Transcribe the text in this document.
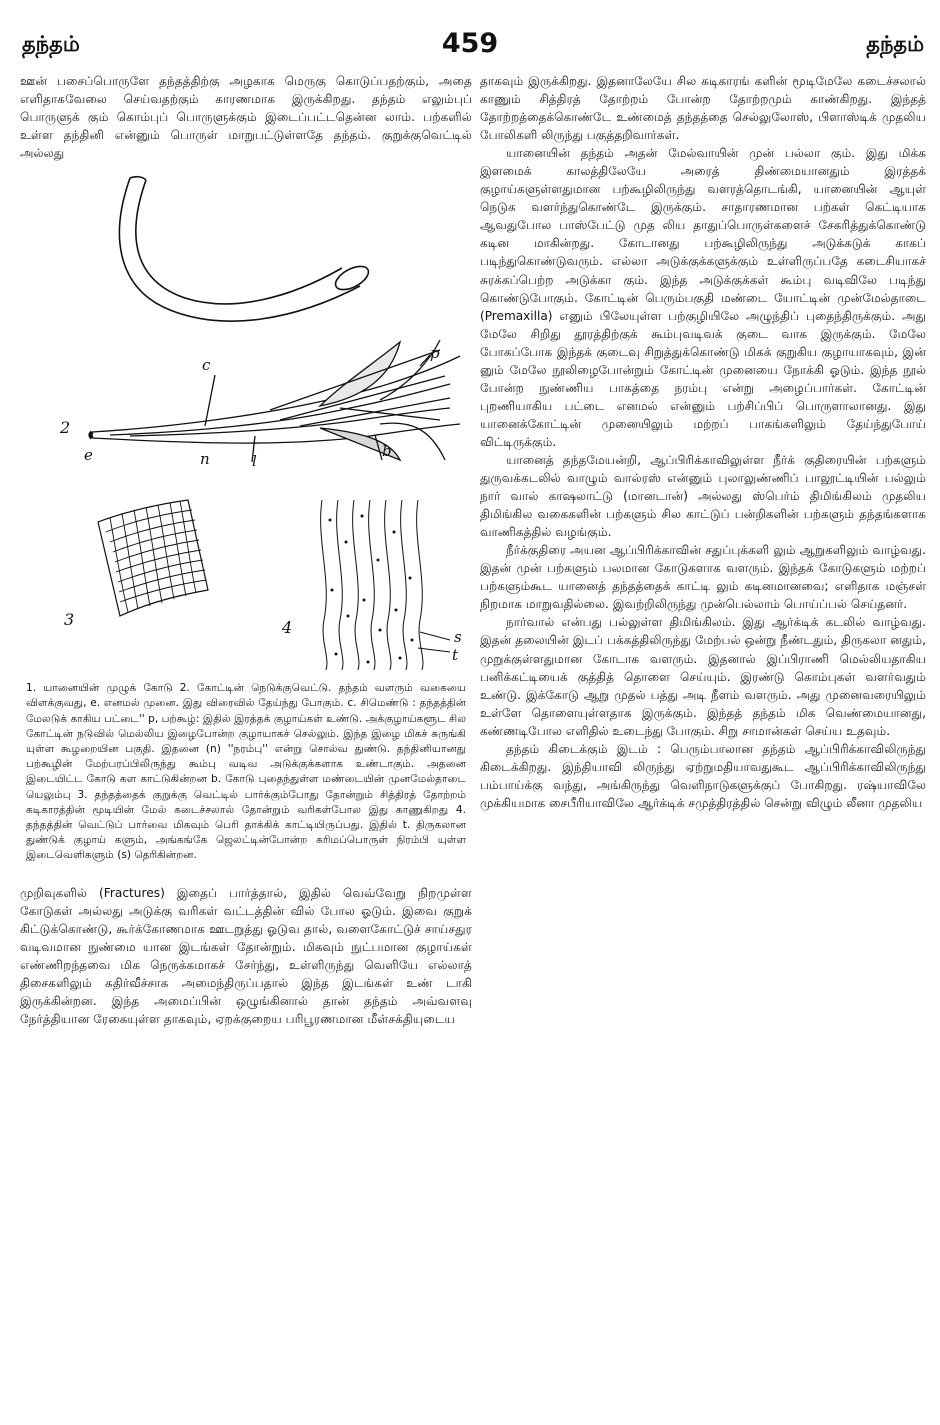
தந்தம்	459	தந்தம்

ஊன் பசைப்பொருளே தந்தத்திற்கு அழகாக மெருகு கொடுப்பதற்கும், அதை எளிதாகவேலை செய்வதற்கும் காரணமாக இருக்கிறது. தந்தம் எலும்புப் பொருளுக் கும் கொம்புப் பொருளுக்கும் இடைப்பட்டதென்ன லாம். பற்களில் உள்ள தந்தினி என்னும் பொருள் மாறுபட்டுள்ளதே தந்தம். குறுக்குவெட்டில் அல்லது

2
3	4
c
p
e	n	l
b
s
t

1. யானையின் முழுக் கோடு 2. கோட்டின் நெடுக்குவெட்டு. தந்தம் வளரும் வகையை விளக்குவது, e. எனமல் முனை. இது விரைவில் தேய்ந்து போகும். c. சிமெண்டு : தந்தத்தின் மேலடுக் காகிய பட்டை'' p, பற்கூழ்: இதில் இரத்தக் குழாய்கள் உண்டு. அக்குழாய்களூட சில கோட்டின் நடுவில் மெல்லிய இழைபோன்ற குழாயாகச் செல்லும். இந்த இழை மிகச் சுருங்கி யுள்ள கூழறையின பகுதி. இதனை (n) ''நரம்பு'' என்று சொல்வ துண்டு. தந்தினியானது பற்கூழின் மேற்பரப்பிலிருந்து கூம்பு வடிவ அடுக்குக்களாக உண்டாகும். அதனை இடையிட்ட கோடு கள காட்டுகின்றன b. கோடு புதைந்துள்ள மண்டையின் முனமேல்தாடை யெலும்பு 3. தந்தத்தைக் குறுக்கு வெட்டில் பார்க்கும்போது தோன்றும் சித்திரத் தோற்றம் கடிகாரத்தின் மூடியின் மேல் கடைச்சலால் தோன்றும் வரிகள்போல இது காணுகிறது 4. தந்தத்தின் வெட்டுப் பார்வை மிகவும் பெரி தாக்கிக் காட்டியிருப்பது. இதில் t. திருகலான துண்டுக் குழாய் களும், அங்கங்கே ஜெலட்டின்போன்ற கரிமப்பொருள் நிரம்பி யுள்ள இடைவெளிகளும் (s) தெரிகின்றன.

முறிவுகளில் (Fractures) இதைப் பார்த்தால், இதில் வெவ்வேறு நிறமுள்ள கோடுகள் அல்லது அடுக்கு வரிகள் வட்டத்தின் வில் போல ஓடும். இவை குறுக் கிட்டுக்கொண்டு, கூர்க்கோணமாக ஊடறுத்து ஓடுவ தால், வளைகோட்டுச் சாய்சதுர வடிவமான நுண்மை யான இடங்கள் தோன்றும். மிகவும் நுட்பமான குழாய்கள் எண்ணிறந்தவை மிக நெருக்கமாகச் சேர்ந்து, உள்ளிருந்து வெளியே எல்லாத் திசைகளிலும் கதிர்வீச்சாக அமைந்திருப்பதால் இந்த இடங்கள் உண் டாகி இருக்கின்றன. இந்த அமைப்பின் ஒழுங்கினால் தான் தந்தம் அவ்வளவு நேர்த்தியான ரேகையுள்ள தாகவும், ஏறக்குறைய பரிபூரணமான மீள்சக்தியுடைய

தாகவும் இருக்கிறது. இதனாலேயே சில கடிகாரங் களின் மூடிமேலே கடைச்சலால் காணும் சித்திரத் தோற்றம் போன்ற தோற்றமும் காண்கிறது. இந்தத் தோற்றத்தைக்கொண்டே உண்மைத் தந்தத்தை செல்லுலோஸ், பிளாஸ்டிக் முதலிய போலிகளி லிருந்து பகுத்தறிவார்கள்.

யானையின் தந்தம் அதன் மேல்வாயின் முன் பல்லா கும். இது மிக்க இளமைக் காலத்திலேயே அரைத் திண்மையானதும் இரத்தக் குழாய்களுள்ளதுமான பற்கூழிலிருந்து வளரத்தொடங்கி, யானையின் ஆயுள் நெடுக வளர்ந்துகொண்டே இருக்கும். சாதாரணமான பற்கள் கெட்டியாக ஆவதுபோல பாஸ்பேட்டு முத லிய தாதுப்பொருள்களைச் சேகரித்துக்கொண்டு கடின மாகின்றது. கோடானது பற்கூழிலிருந்து அடுக்கடுக் காகப் படிந்துகொண்டுவரும். எல்லா அடுக்குக்களுக்கும் உள்ளிருப்பதே கடைசியாகச் சுரக்கப்பெற்ற அடுக்கா கும். இந்த அடுக்குக்கள் கூம்பு வடிவிலே படிந்து கொண்டுபோகும். கோட்டின் பெரும்பகுதி மண்டை யோட்டின் முன்மேல்தாடை (Premaxilla) எனும் பிலேயுள்ள பற்குழியிலே அழுந்திப் புதைந்திருக்கும். அது மேலே சிறிது தூரத்திற்குக் கூம்புவடிவக் குடை வாக இருக்கும். மேலே போகப்போக இந்தக் குடைவு சிறுத்துக்கொண்டு மிகக் குறுகிய குழாயாகவும், இன் னும் மேலே நூலிழைபோன்றும் கோட்டின் முனையை நோக்கி ஓடும். இந்த நூல் போன்ற நுண்ணிய பாகத்தை நரம்பு என்று அழைப்பார்கள். கோட்டின் புறணியாகிய பட்டை எனமல் என்னும் பற்சிப்பிப் பொருளாலானது. இது யானைக்கோட்டின் முனையிலும் மற்றப் பாகங்களிலும் தேய்ந்துபோய் விட்டிருக்கும்.

யானைத் தந்தமேயன்றி, ஆப்பிரிக்காவிலுள்ள நீர்க் குதிரையின் பற்களும் துருவக்கடலில் வாழும் வால்ரஸ் என்னும் புலாலுண்ணிப் பாலூட்டியின் பல்லும் நார் வால் காஷலாட்டு (மானடான்) அல்லது ஸ்பெர்ம் திமிங்கிலம் முதலிய திமிங்கில வகைகளின் பற்களும் சில காட்டுப் பன்றிகளின் பற்களும் தந்தங்களாக வாணிகத்தில் வழங்கும்.

நீர்க்குதிரை அயன ஆப்பிரிக்காவின் சதுப்புக்களி லும் ஆறுகளிலும் வாழ்வது. இதன் முன் பற்களும் பலமான கோடுகளாக வளரும். இந்தக் கோடுகளும் மற்றப் பற்களும்கூட யானைத் தந்தத்தைக் காட்டி லும் கடினமானவை; எளிதாக மஞ்சள் நிறமாக மாறுவதில்லை. இவற்றிலிருந்து முன்பெல்லாம் பொய்ப்பல் செய்தனர்.

நார்வால் என்பது பல்லுள்ள திமிங்கிலம். இது ஆர்க்டிக் கடலில் வாழ்வது. இதன் தலையின் இடப் பக்கத்திலிருந்து மேற்பல் ஒன்று நீண்டதும், திருகலா னதும், முறுக்குள்ளதுமான கோடாக வளரும். இதனால் இப்பிராணி மெல்லியதாகிய பனிக்கட்டியைக் குத்தித் தொளை செய்யும். இரண்டு கொம்புகள் வளர்வதும் உண்டு. இக்கோடு ஆறு முதல் பத்து அடி நீளம் வளரும். அது முனைவரையிலும் உள்ளே தொளையுள்ளதாக இருக்கும். இந்தத் தந்தம் மிக வெண்மையானது, கண்ணடிபோல எளிதில் உடைந்து போகும். சிறு சாமான்கள் செய்ய உதவும்.

தந்தம் கிடைக்கும் இடம் : பெரும்பாலான தந்தம் ஆப்பிரிக்காவிலிருந்து கிடைக்கிறது. இந்தியாவி லிருந்து ஏற்றுமதியாவதுகூட ஆப்பிரிக்காவிலிருந்து பம்பாய்க்கு வந்து, அங்கிருந்து வெளிநாடுகளுக்குப் போகிறது. ரஷ்யாவிலே முக்கியமாக சைபீரியாவிலே ஆர்க்டிக் சமுத்திரத்தில் சென்று விழும் லீனா முதலிய
